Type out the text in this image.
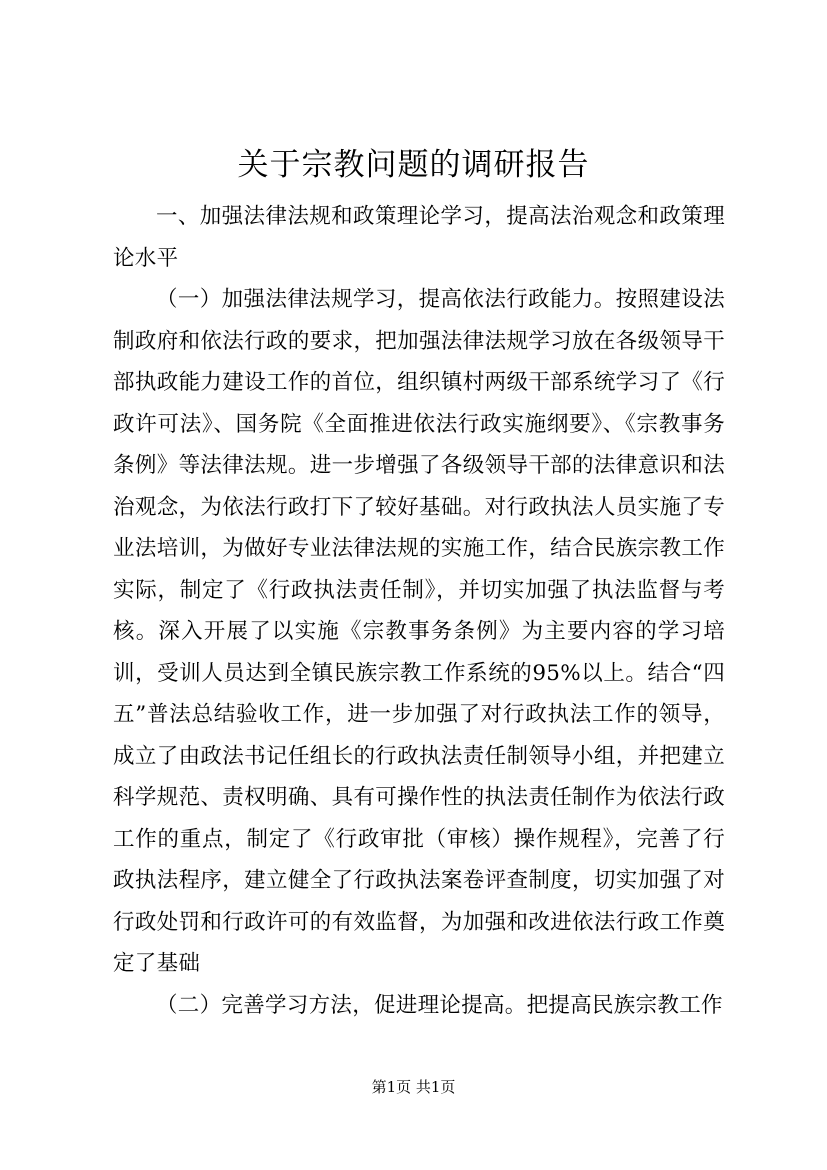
关于宗教问题的调研报告

一、加强法律法规和政策理论学习，提高法治观念和政策理论水平

（一）加强法律法规学习，提高依法行政能力。按照建设法制政府和依法行政的要求，把加强法律法规学习放在各级领导干部执政能力建设工作的首位，组织镇村两级干部系统学习了《行政许可法》、国务院《全面推进依法行政实施纲要》、《宗教事务条例》等法律法规。进一步增强了各级领导干部的法律意识和法治观念，为依法行政打下了较好基础。对行政执法人员实施了专业法培训，为做好专业法律法规的实施工作，结合民族宗教工作实际，制定了《行政执法责任制》，并切实加强了执法监督与考核。深入开展了以实施《宗教事务条例》为主要内容的学习培训，受训人员达到全镇民族宗教工作系统的95%以上。结合“四五”普法总结验收工作，进一步加强了对行政执法工作的领导，成立了由政法书记任组长的行政执法责任制领导小组，并把建立科学规范、责权明确、具有可操作性的执法责任制作为依法行政工作的重点，制定了《行政审批（审核）操作规程》，完善了行政执法程序，建立健全了行政执法案卷评查制度，切实加强了对行政处罚和行政许可的有效监督，为加强和改进依法行政工作奠定了基础

（二）完善学习方法，促进理论提高。把提高民族宗教工作

第1页 共1页
